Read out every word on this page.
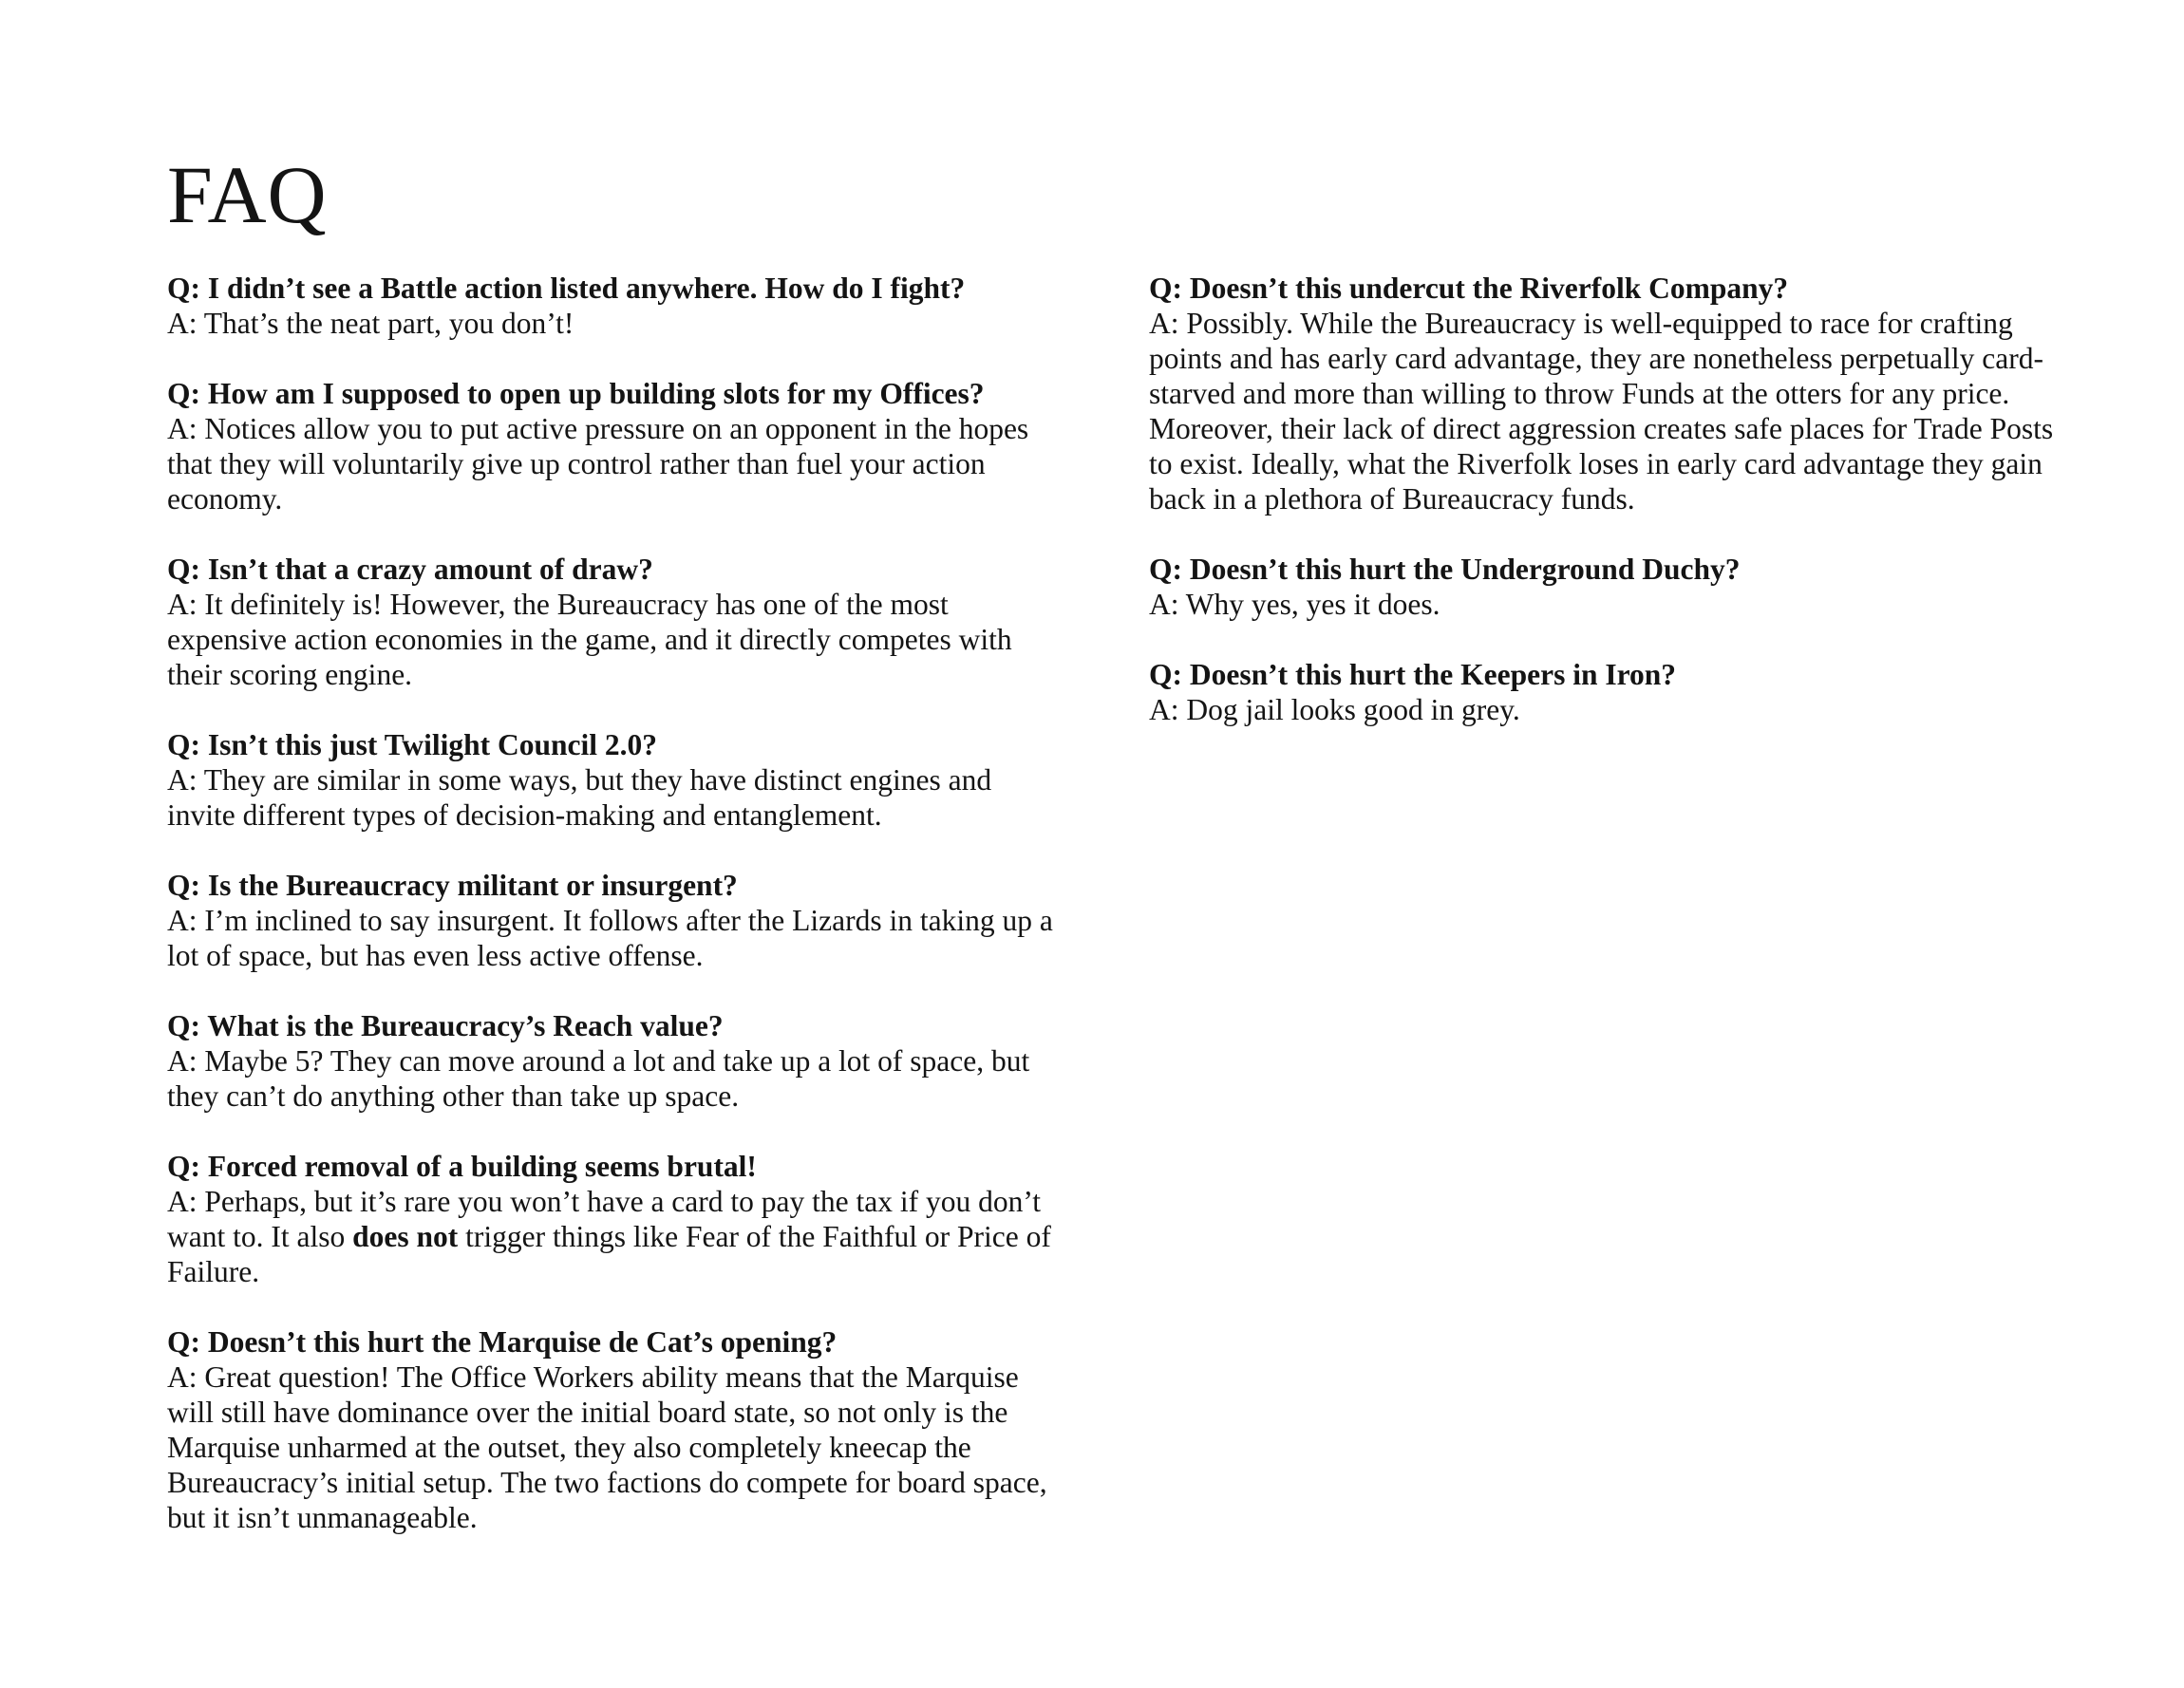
FAQ

Q: I didn’t see a Battle action listed anywhere. How do I fight?

A: That’s the neat part, you don’t!

Q: How am I supposed to open up building slots for my Offices?

A: Notices allow you to put active pressure on an opponent in the hopes that they will voluntarily give up control rather than fuel your action economy.

Q: Isn’t that a crazy amount of draw?

A: It definitely is! However, the Bureaucracy has one of the most expensive action economies in the game, and it directly competes with their scoring engine.

Q: Isn’t this just Twilight Council 2.0?

A: They are similar in some ways, but they have distinct engines and invite different types of decision-making and entanglement.

Q: Is the Bureaucracy militant or insurgent?

A: I’m inclined to say insurgent. It follows after the Lizards in taking up a lot of space, but has even less active offense.

Q: What is the Bureaucracy’s Reach value?

A: Maybe 5? They can move around a lot and take up a lot of space, but they can’t do anything other than take up space.

Q: Forced removal of a building seems brutal!

A: Perhaps, but it’s rare you won’t have a card to pay the tax if you don’t want to. It also does not trigger things like Fear of the Faithful or Price of Failure.

Q: Doesn’t this hurt the Marquise de Cat’s opening?

A: Great question! The Office Workers ability means that the Marquise will still have dominance over the initial board state, so not only is the Marquise unharmed at the outset, they also completely kneecap the Bureaucracy’s initial setup. The two factions do compete for board space, but it isn’t unmanageable.

Q: Doesn’t this undercut the Riverfolk Company?

A: Possibly. While the Bureaucracy is well-equipped to race for crafting points and has early card advantage, they are nonetheless perpetually card-starved and more than willing to throw Funds at the otters for any price. Moreover, their lack of direct aggression creates safe places for Trade Posts to exist. Ideally, what the Riverfolk loses in early card advantage they gain back in a plethora of Bureaucracy funds.

Q: Doesn’t this hurt the Underground Duchy?

A: Why yes, yes it does.

Q: Doesn’t this hurt the Keepers in Iron?

A: Dog jail looks good in grey.
